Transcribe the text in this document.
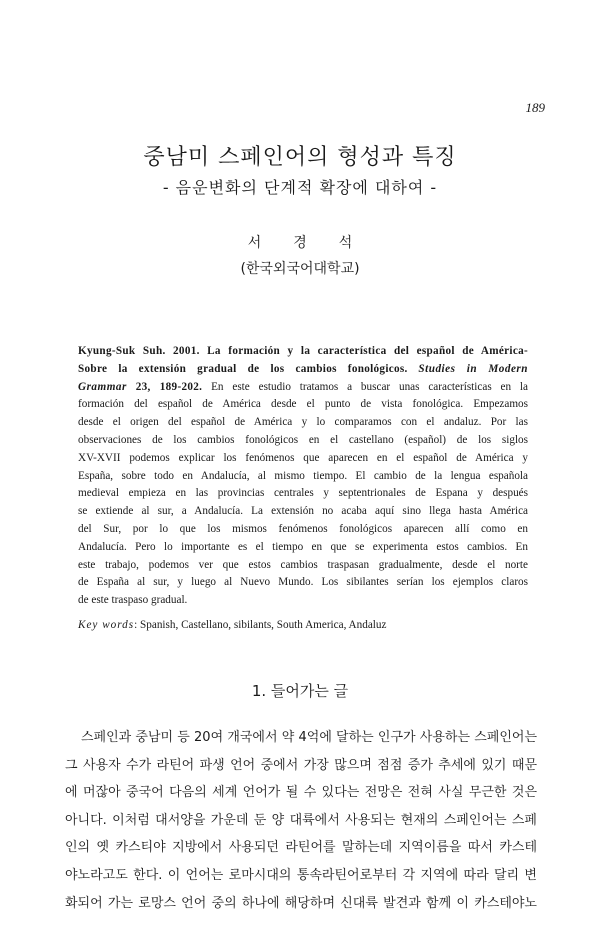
189
중남미 스페인어의 형성과 특징
- 음운변화의 단계적 확장에 대하여 -
서 경 석
(한국외국어대학교)
Kyung-Suk Suh. 2001. La formación y la característica del español de América-
Sobre la extensión gradual de los cambios fonológicos. Studies in Modern
Grammar 23, 189-202. En este estudio tratamos a buscar unas características en la
formación del español de América desde el punto de vista fonológica. Empezamos
desde el origen del español de América y lo comparamos con el andaluz. Por las
observaciones de los cambios fonológicos en el castellano (español) de los siglos
XV-XVII podemos explicar los fenómenos que aparecen en el español de América y
España, sobre todo en Andalucía, al mismo tiempo. El cambio de la lengua española
medieval empieza en las provincias centrales y septentrionales de Espana y después
se extiende al sur, a Andalucía. La extensión no acaba aquí sino llega hasta América
del Sur, por lo que los mismos fenómenos fonológicos aparecen allí como en
Andalucía. Pero lo importante es el tiempo en que se experimenta estos cambios. En
este trabajo, podemos ver que estos cambios traspasan gradualmente, desde el norte
de España al sur, y luego al Nuevo Mundo. Los sibilantes serían los ejemplos claros
de este traspaso gradual.
Key words: Spanish, Castellano, sibilants, South America, Andaluz
1. 들어가는 글
스페인과 중남미 등 20여 개국에서 약 4억에 달하는 인구가 사용하는 스페인어는
그 사용자 수가 라틴어 파생 언어 중에서 가장 많으며 점점 증가 추세에 있기 때문
에 머잖아 중국어 다음의 세계 언어가 될 수 있다는 전망은 전혀 사실 무근한 것은
아니다. 이처럼 대서양을 가운데 둔 양 대륙에서 사용되는 현재의 스페인어는 스페
인의 옛 카스티야 지방에서 사용되던 라틴어를 말하는데 지역이름을 따서 카스테
야노라고도 한다. 이 언어는 로마시대의 통속라틴어로부터 각 지역에 따라 달리 변
화되어 가는 로망스 언어 중의 하나에 해당하며 신대륙 발견과 함께 이 카스테야노
